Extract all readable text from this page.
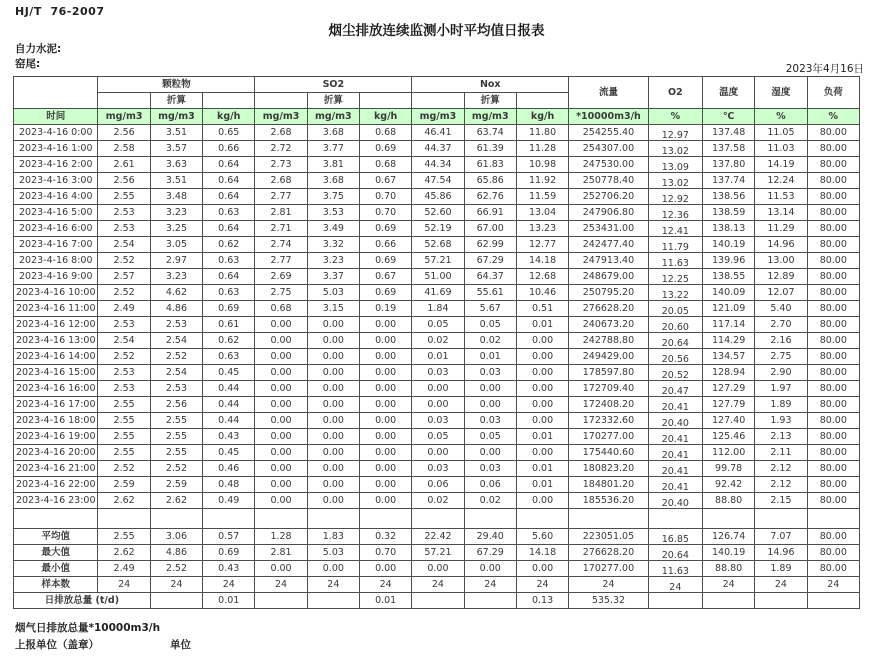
HJ/T  76-2007
烟尘排放连续监测小时平均值日报表
自力水泥:
窑尾:	2023年4月16日
	颗粒物			SO2			Nox			流量	O2	温度	湿度	负荷
		折算			折算			折算						
时间	mg/m3	mg/m3	kg/h	mg/m3	mg/m3	kg/h	mg/m3	mg/m3	kg/h	*10000m3/h	%	℃	%	%
2023-4-16 0:00	2.56	3.51	0.65	2.68	3.68	0.68	46.41	63.74	11.80	254255.40	12.97	137.48	11.05	80.00
2023-4-16 1:00	2.58	3.57	0.66	2.72	3.77	0.69	44.37	61.39	11.28	254307.00	13.02	137.58	11.03	80.00
2023-4-16 2:00	2.61	3.63	0.64	2.73	3.81	0.68	44.34	61.83	10.98	247530.00	13.09	137.80	14.19	80.00
2023-4-16 3:00	2.56	3.51	0.64	2.68	3.68	0.67	47.54	65.86	11.92	250778.40	13.02	137.74	12.24	80.00
2023-4-16 4:00	2.55	3.48	0.64	2.77	3.75	0.70	45.86	62.76	11.59	252706.20	12.92	138.56	11.53	80.00
2023-4-16 5:00	2.53	3.23	0.63	2.81	3.53	0.70	52.60	66.91	13.04	247906.80	12.36	138.59	13.14	80.00
2023-4-16 6:00	2.53	3.25	0.64	2.71	3.49	0.69	52.19	67.00	13.23	253431.00	12.41	138.13	11.29	80.00
2023-4-16 7:00	2.54	3.05	0.62	2.74	3.32	0.66	52.68	62.99	12.77	242477.40	11.79	140.19	14.96	80.00
2023-4-16 8:00	2.52	2.97	0.63	2.77	3.23	0.69	57.21	67.29	14.18	247913.40	11.63	139.96	13.00	80.00
2023-4-16 9:00	2.57	3.23	0.64	2.69	3.37	0.67	51.00	64.37	12.68	248679.00	12.25	138.55	12.89	80.00
2023-4-16 10:00	2.52	4.62	0.63	2.75	5.03	0.69	41.69	55.61	10.46	250795.20	13.22	140.09	12.07	80.00
2023-4-16 11:00	2.49	4.86	0.69	0.68	3.15	0.19	1.84	5.67	0.51	276628.20	20.05	121.09	5.40	80.00
2023-4-16 12:00	2.53	2.53	0.61	0.00	0.00	0.00	0.05	0.05	0.01	240673.20	20.60	117.14	2.70	80.00
2023-4-16 13:00	2.54	2.54	0.62	0.00	0.00	0.00	0.02	0.02	0.00	242788.80	20.64	114.29	2.16	80.00
2023-4-16 14:00	2.52	2.52	0.63	0.00	0.00	0.00	0.01	0.01	0.00	249429.00	20.56	134.57	2.75	80.00
2023-4-16 15:00	2.53	2.54	0.45	0.00	0.00	0.00	0.03	0.03	0.00	178597.80	20.52	128.94	2.90	80.00
2023-4-16 16:00	2.53	2.53	0.44	0.00	0.00	0.00	0.00	0.00	0.00	172709.40	20.47	127.29	1.97	80.00
2023-4-16 17:00	2.55	2.56	0.44	0.00	0.00	0.00	0.00	0.00	0.00	172408.20	20.41	127.79	1.89	80.00
2023-4-16 18:00	2.55	2.55	0.44	0.00	0.00	0.00	0.03	0.03	0.00	172332.60	20.40	127.40	1.93	80.00
2023-4-16 19:00	2.55	2.55	0.43	0.00	0.00	0.00	0.05	0.05	0.01	170277.00	20.41	125.46	2.13	80.00
2023-4-16 20:00	2.55	2.55	0.45	0.00	0.00	0.00	0.00	0.00	0.00	175440.60	20.41	112.00	2.11	80.00
2023-4-16 21:00	2.52	2.52	0.46	0.00	0.00	0.00	0.03	0.03	0.01	180823.20	20.41	99.78	2.12	80.00
2023-4-16 22:00	2.59	2.59	0.48	0.00	0.00	0.00	0.06	0.06	0.01	184801.20	20.41	92.42	2.12	80.00
2023-4-16 23:00	2.62	2.62	0.49	0.00	0.00	0.00	0.02	0.02	0.00	185536.20	20.40	88.80	2.15	80.00

平均值	2.55	3.06	0.57	1.28	1.83	0.32	22.42	29.40	5.60	223051.05	16.85	126.74	7.07	80.00
最大值	2.62	4.86	0.69	2.81	5.03	0.70	57.21	67.29	14.18	276628.20	20.64	140.19	14.96	80.00
最小值	2.49	2.52	0.43	0.00	0.00	0.00	0.00	0.00	0.00	170277.00	11.63	88.80	1.89	80.00
样本数	24	24	24	24	24	24	24	24	24	24	24	24	24	24
日排放总量 (t/d)			0.01			0.01			0.13	535.32				
烟气日排放总量*10000m3/h
上报单位（盖章）	单位
